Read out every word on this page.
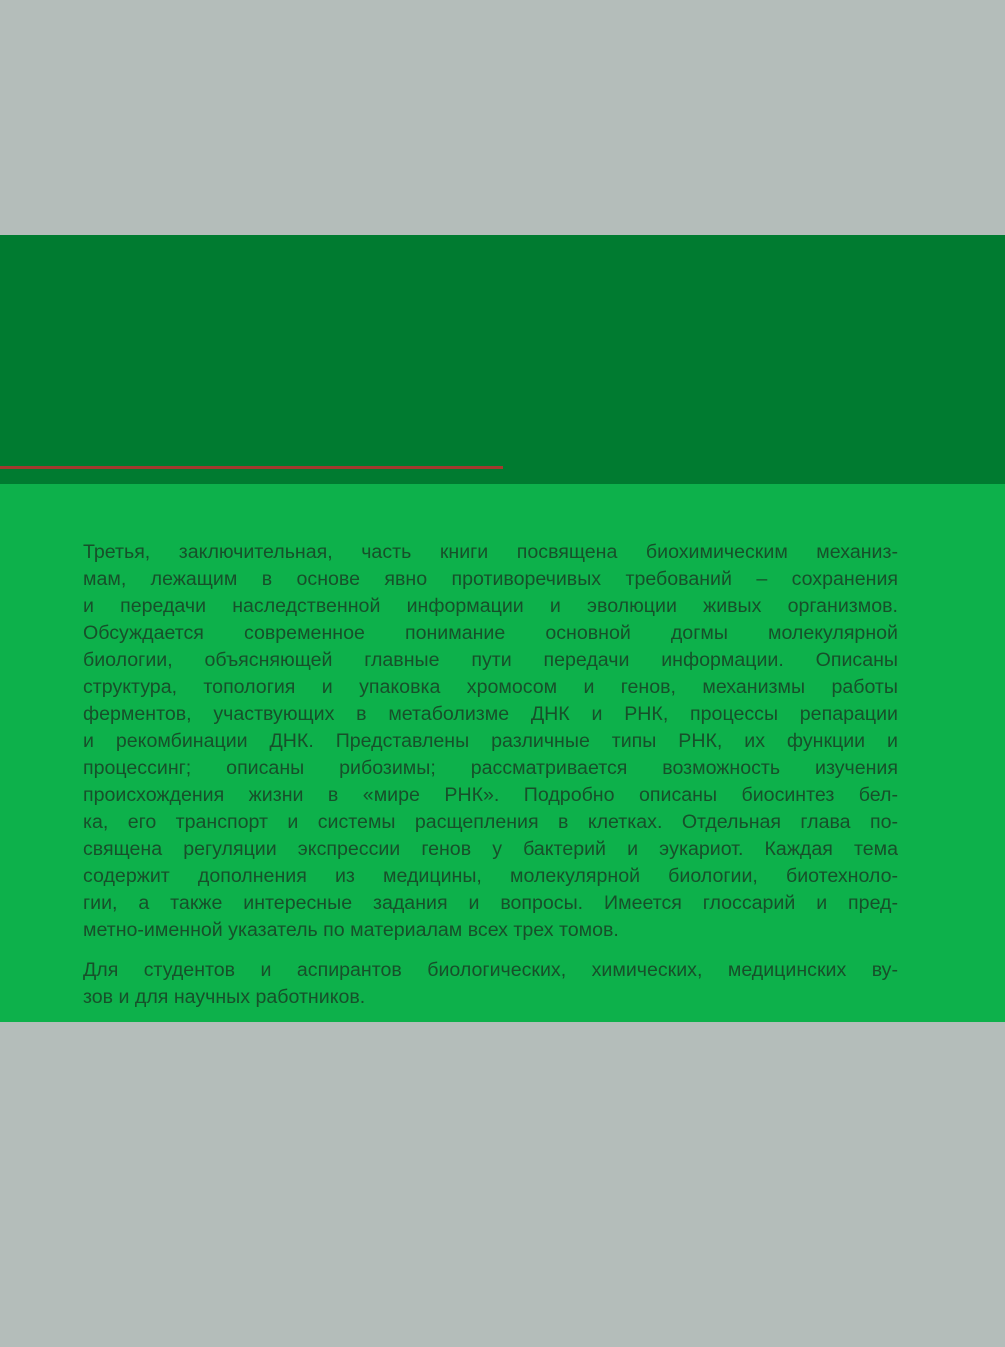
Третья, заключительная, часть книги посвящена биохимическим механиз-
мам, лежащим в основе явно противоречивых требований – сохранения
и передачи наследственной информации и эволюции живых организмов.
Обсуждается современное понимание основной догмы молекулярной
биологии, объясняющей главные пути передачи информации. Описаны
структура, топология и упаковка хромосом и генов, механизмы работы
ферментов, участвующих в метаболизме ДНК и РНК, процессы репарации
и рекомбинации ДНК. Представлены различные типы РНК, их функции и
процессинг; описаны рибозимы; рассматривается возможность изучения
происхождения жизни в «мире РНК». Подробно описаны биосинтез бел-
ка, его транспорт и системы расщепления в клетках. Отдельная глава по-
священа регуляции экспрессии генов у бактерий и эукариот. Каждая тема
содержит дополнения из медицины, молекулярной биологии, биотехноло-
гии, а также интересные задания и вопросы. Имеется глоссарий и пред-
метно-именной указатель по материалам всех трех томов.

Для студентов и аспирантов биологических, химических, медицинских ву-
зов и для научных работников.
